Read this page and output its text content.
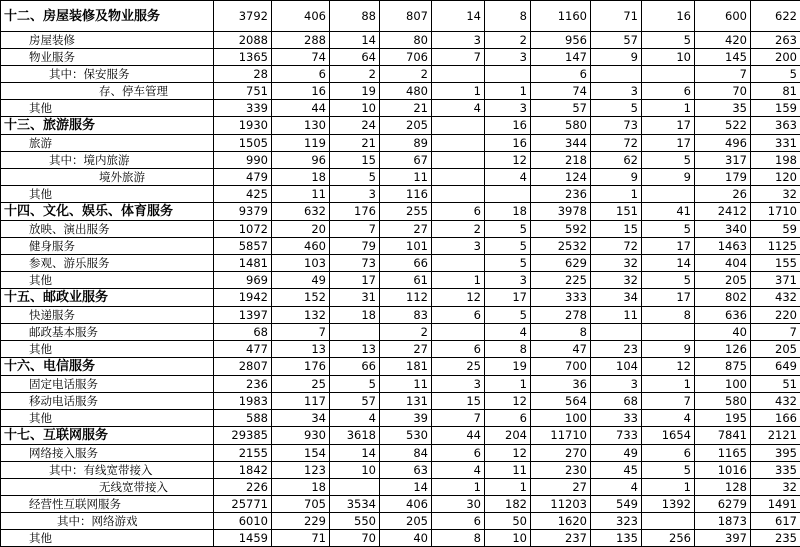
十二、房屋装修及物业服务	3792	406	88	807	14	8	1160	71	16	600	622
房屋装修	2088	288	14	80	3	2	956	57	5	420	263
物业服务	1365	74	64	706	7	3	147	9	10	145	200
其中：保安服务	28	6	2	2			6			7	5
存、停车管理	751	16	19	480	1	1	74	3	6	70	81
其他	339	44	10	21	4	3	57	5	1	35	159
十三、旅游服务	1930	130	24	205		16	580	73	17	522	363
旅游	1505	119	21	89		16	344	72	17	496	331
其中：境内旅游	990	96	15	67		12	218	62	5	317	198
境外旅游	479	18	5	11		4	124	9	9	179	120
其他	425	11	3	116			236	1		26	32
十四、文化、娱乐、体育服务	9379	632	176	255	6	18	3978	151	41	2412	1710
放映、演出服务	1072	20	7	27	2	5	592	15	5	340	59
健身服务	5857	460	79	101	3	5	2532	72	17	1463	1125
参观、游乐服务	1481	103	73	66		5	629	32	14	404	155
其他	969	49	17	61	1	3	225	32	5	205	371
十五、邮政业服务	1942	152	31	112	12	17	333	34	17	802	432
快递服务	1397	132	18	83	6	5	278	11	8	636	220
邮政基本服务	68	7		2		4	8			40	7
其他	477	13	13	27	6	8	47	23	9	126	205
十六、电信服务	2807	176	66	181	25	19	700	104	12	875	649
固定电话服务	236	25	5	11	3	1	36	3	1	100	51
移动电话服务	1983	117	57	131	15	12	564	68	7	580	432
其他	588	34	4	39	7	6	100	33	4	195	166
十七、互联网服务	29385	930	3618	530	44	204	11710	733	1654	7841	2121
网络接入服务	2155	154	14	84	6	12	270	49	6	1165	395
其中：有线宽带接入	1842	123	10	63	4	11	230	45	5	1016	335
无线宽带接入	226	18		14	1	1	27	4	1	128	32
经营性互联网服务	25771	705	3534	406	30	182	11203	549	1392	6279	1491
其中：网络游戏	6010	229	550	205	6	50	1620	323		1873	617
其他	1459	71	70	40	8	10	237	135	256	397	235
